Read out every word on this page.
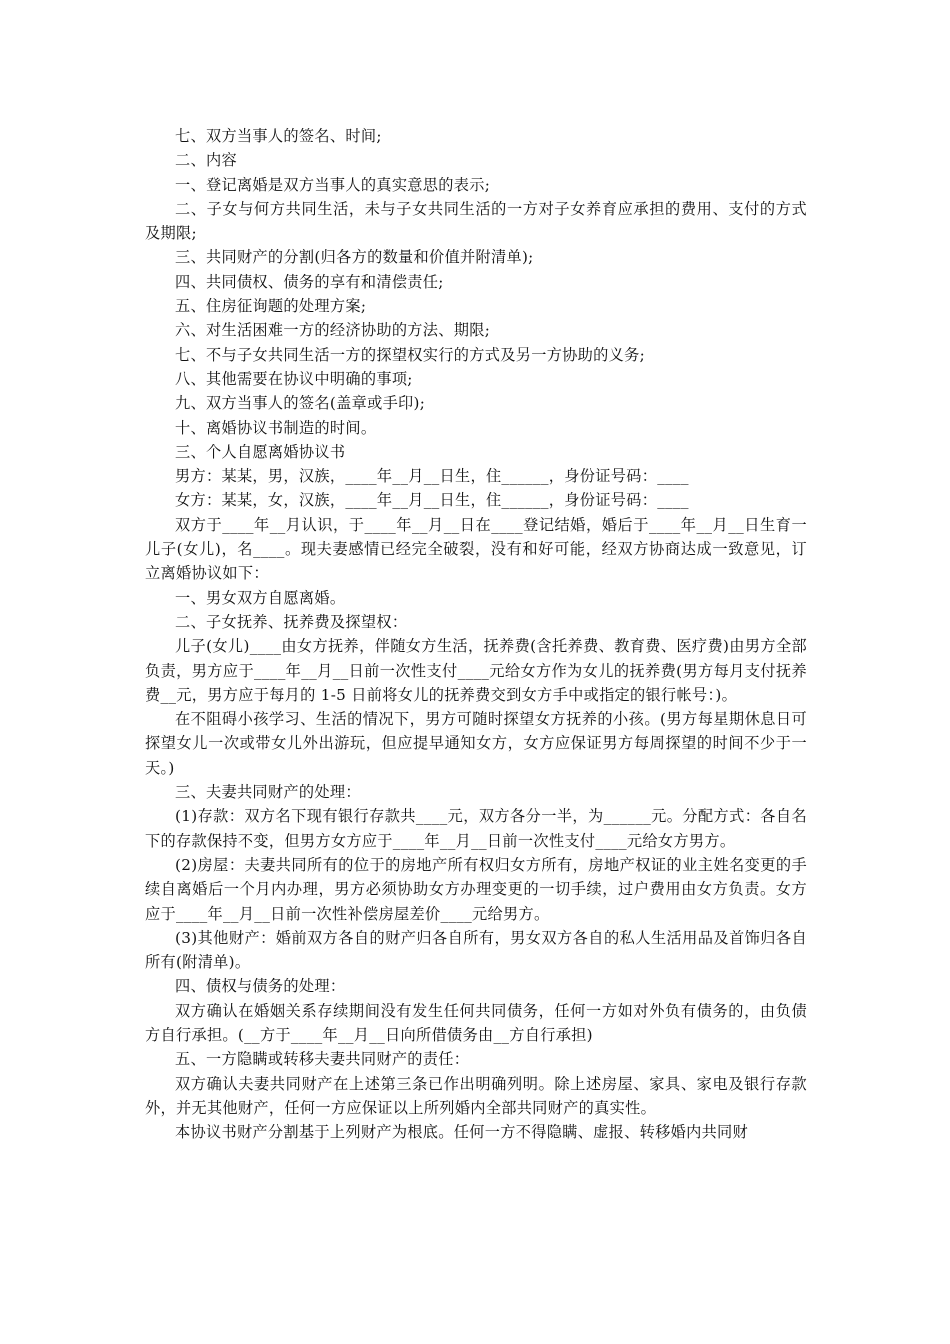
七、双方当事人的签名、时间;

二、内容

一、登记离婚是双方当事人的真实意思的表示;

二、子女与何方共同生活，未与子女共同生活的一方对子女养育应承担的费用、支付的方式及期限;

三、共同财产的分割(归各方的数量和价值并附清单);

四、共同债权、债务的享有和清偿责任;

五、住房征询题的处理方案;

六、对生活困难一方的经济协助的方法、期限;

七、不与子女共同生活一方的探望权实行的方式及另一方协助的义务;

八、其他需要在协议中明确的事项;

九、双方当事人的签名(盖章或手印);

十、离婚协议书制造的时间。

三、个人自愿离婚协议书

男方：某某，男，汉族，____年__月__日生，住______，身份证号码：____

女方：某某，女，汉族，____年__月__日生，住______，身份证号码：____

双方于____年__月认识，于____年__月__日在____登记结婚，婚后于____年__月__日生育一儿子(女儿)，名____。现夫妻感情已经完全破裂，没有和好可能，经双方协商达成一致意见，订立离婚协议如下：

一、男女双方自愿离婚。

二、子女抚养、抚养费及探望权：

儿子(女儿)____由女方抚养，伴随女方生活，抚养费(含托养费、教育费、医疗费)由男方全部负责，男方应于____年__月__日前一次性支付____元给女方作为女儿的抚养费(男方每月支付抚养费__元，男方应于每月的 1-5 日前将女儿的抚养费交到女方手中或指定的银行帐号：)。

在不阻碍小孩学习、生活的情况下，男方可随时探望女方抚养的小孩。(男方每星期休息日可探望女儿一次或带女儿外出游玩，但应提早通知女方，女方应保证男方每周探望的时间不少于一天。)

三、夫妻共同财产的处理：

(1)存款：双方名下现有银行存款共____元，双方各分一半，为______元。分配方式：各自名下的存款保持不变，但男方女方应于____年__月__日前一次性支付____元给女方男方。

(2)房屋：夫妻共同所有的位于的房地产所有权归女方所有，房地产权证的业主姓名变更的手续自离婚后一个月内办理，男方必须协助女方办理变更的一切手续，过户费用由女方负责。女方应于____年__月__日前一次性补偿房屋差价____元给男方。

(3)其他财产：婚前双方各自的财产归各自所有，男女双方各自的私人生活用品及首饰归各自所有(附清单)。

四、债权与债务的处理：

双方确认在婚姻关系存续期间没有发生任何共同债务，任何一方如对外负有债务的，由负债方自行承担。(__方于____年__月__日向所借债务由__方自行承担)

五、一方隐瞒或转移夫妻共同财产的责任：

双方确认夫妻共同财产在上述第三条已作出明确列明。除上述房屋、家具、家电及银行存款外，并无其他财产，任何一方应保证以上所列婚内全部共同财产的真实性。

本协议书财产分割基于上列财产为根底。任何一方不得隐瞒、虚报、转移婚内共同财
